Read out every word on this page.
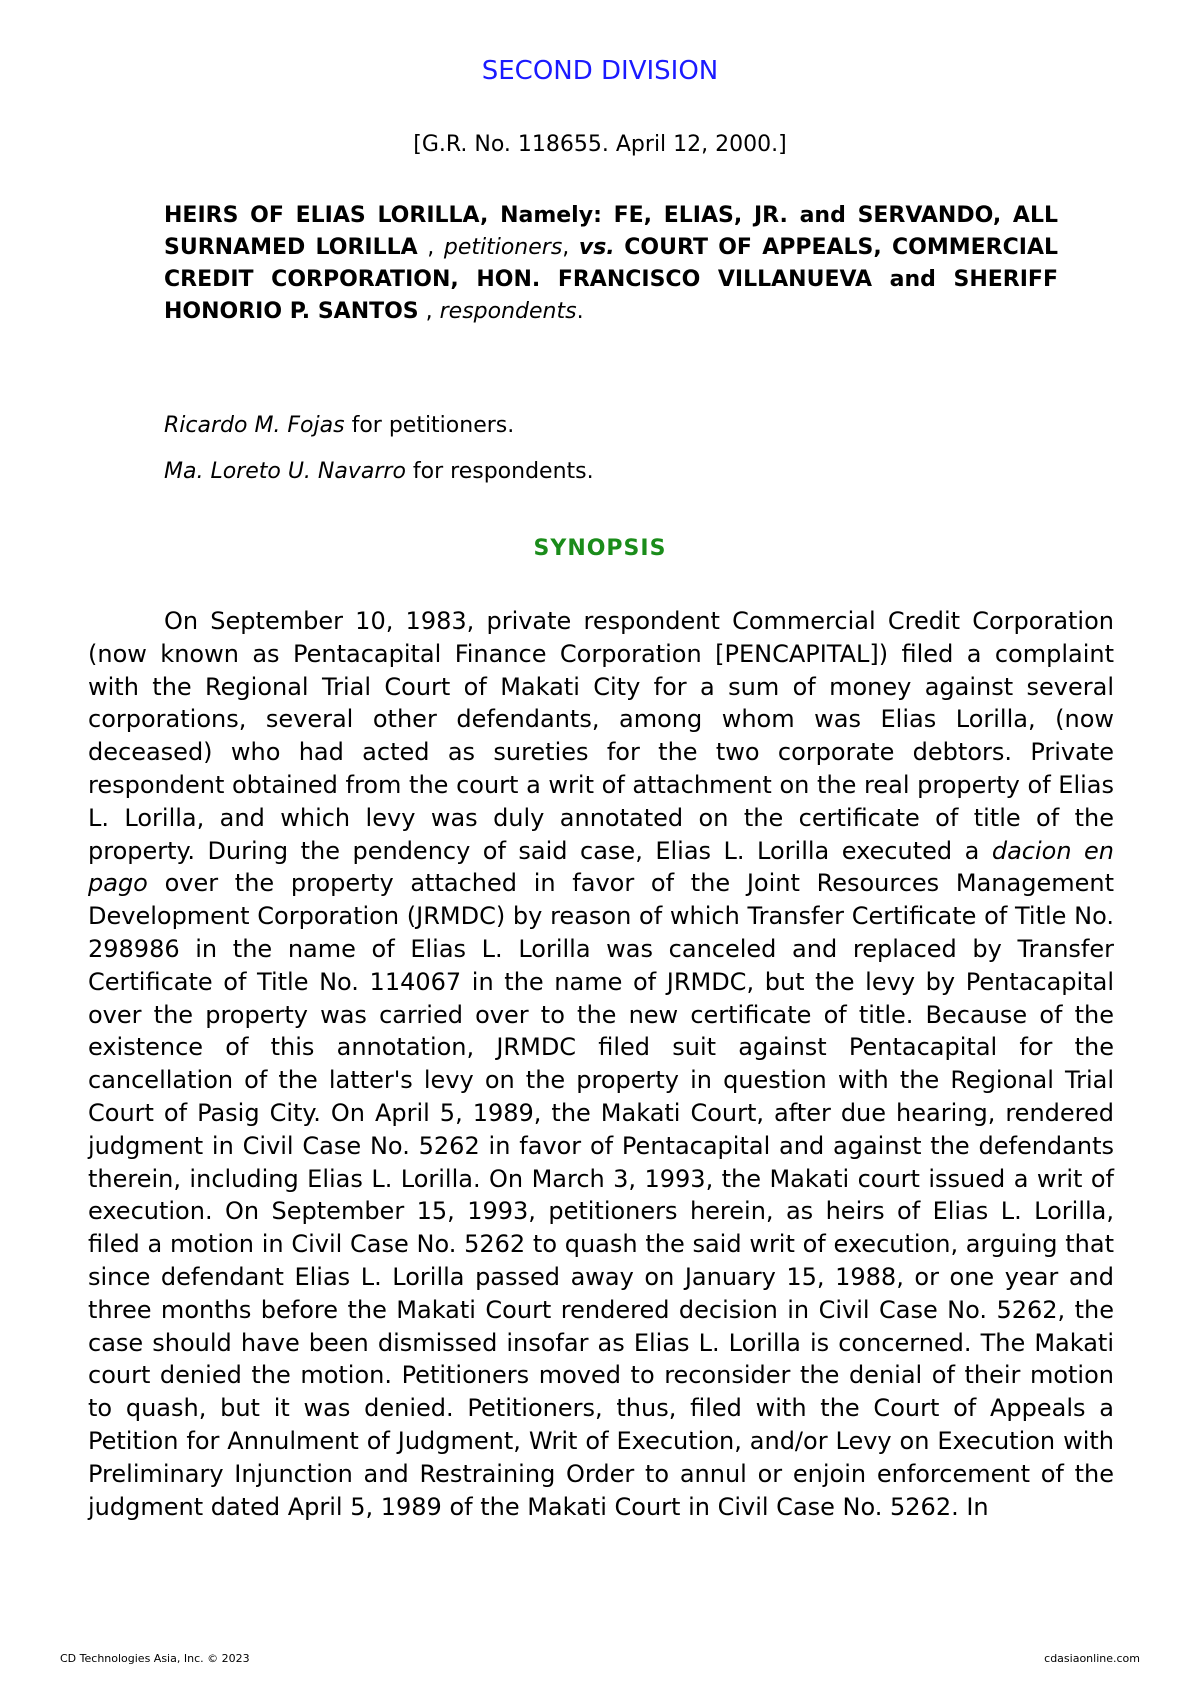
SECOND DIVISION

[G.R. No. 118655. April 12, 2000.]

HEIRS OF ELIAS LORILLA, Namely: FE, ELIAS, JR. and SERVANDO, ALL SURNAMED LORILLA , petitioners, vs. COURT OF APPEALS, COMMERCIAL CREDIT CORPORATION, HON. FRANCISCO VILLANUEVA and SHERIFF HONORIO P. SANTOS , respondents.

Ricardo M. Fojas for petitioners.

Ma. Loreto U. Navarro for respondents.

SYNOPSIS

On September 10, 1983, private respondent Commercial Credit Corporation (now known as Pentacapital Finance Corporation [PENCAPITAL]) filed a complaint with the Regional Trial Court of Makati City for a sum of money against several corporations, several other defendants, among whom was Elias Lorilla, (now deceased) who had acted as sureties for the two corporate debtors. Private respondent obtained from the court a writ of attachment on the real property of Elias L. Lorilla, and which levy was duly annotated on the certificate of title of the property. During the pendency of said case, Elias L. Lorilla executed a dacion en pago over the property attached in favor of the Joint Resources Management Development Corporation (JRMDC) by reason of which Transfer Certificate of Title No. 298986 in the name of Elias L. Lorilla was canceled and replaced by Transfer Certificate of Title No. 114067 in the name of JRMDC, but the levy by Pentacapital over the property was carried over to the new certificate of title. Because of the existence of this annotation, JRMDC filed suit against Pentacapital for the cancellation of the latter's levy on the property in question with the Regional Trial Court of Pasig City. On April 5, 1989, the Makati Court, after due hearing, rendered judgment in Civil Case No. 5262 in favor of Pentacapital and against the defendants therein, including Elias L. Lorilla. On March 3, 1993, the Makati court issued a writ of execution. On September 15, 1993, petitioners herein, as heirs of Elias L. Lorilla, filed a motion in Civil Case No. 5262 to quash the said writ of execution, arguing that since defendant Elias L. Lorilla passed away on January 15, 1988, or one year and three months before the Makati Court rendered decision in Civil Case No. 5262, the case should have been dismissed insofar as Elias L. Lorilla is concerned. The Makati court denied the motion. Petitioners moved to reconsider the denial of their motion to quash, but it was denied. Petitioners, thus, filed with the Court of Appeals a Petition for Annulment of Judgment, Writ of Execution, and/or Levy on Execution with Preliminary Injunction and Restraining Order to annul or enjoin enforcement of the judgment dated April 5, 1989 of the Makati Court in Civil Case No. 5262. In

CD Technologies Asia, Inc. © 2023	cdasiaonline.com
